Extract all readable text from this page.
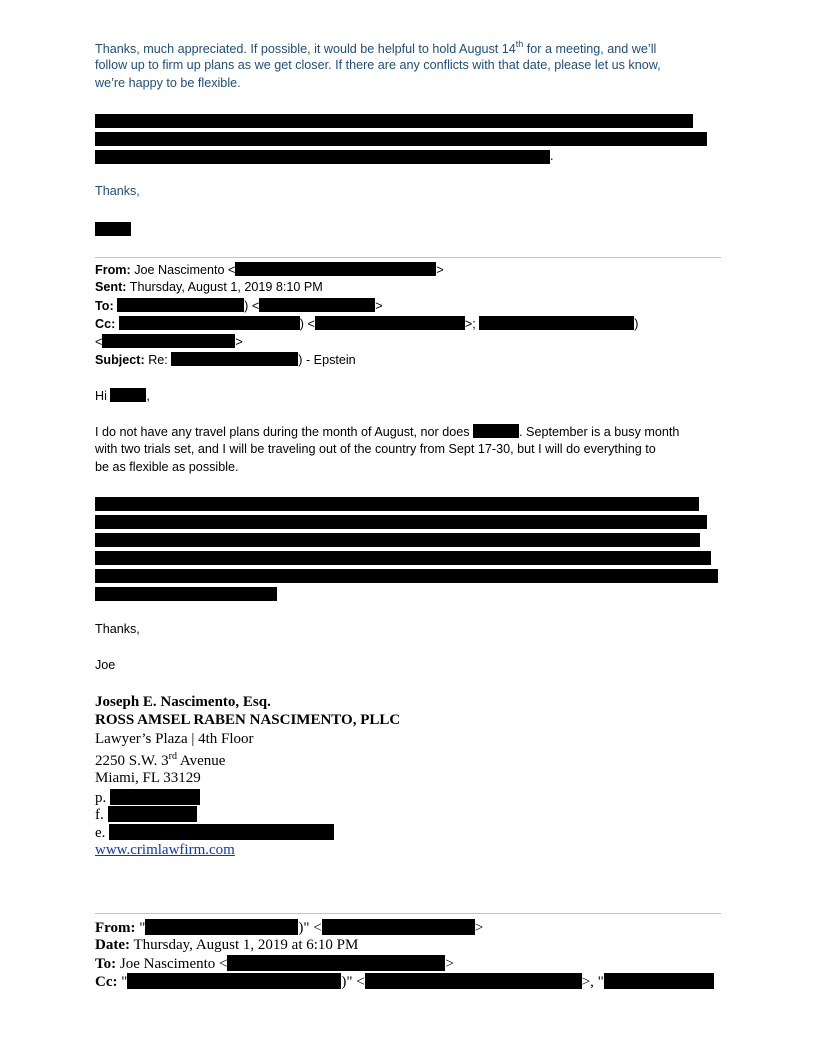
Thanks, much appreciated. If possible, it would be helpful to hold August 14th for a meeting, and we’ll
follow up to firm up plans as we get closer. If there are any conflicts with that date, please let us know,
we’re happy to be flexible.
.
Thanks,
From: Joe Nascimento <	>
Sent: Thursday, August 1, 2019 8:10 PM
To:	) <	>
Cc:	) <	>;	)
<	>
Subject: Re:	) - Epstein
Hi	,
I do not have any travel plans during the month of August, nor does	. September is a busy month
with two trials set, and I will be traveling out of the country from Sept 17-30, but I will do everything to
be as flexible as possible.
Thanks,
Joe
Joseph E. Nascimento, Esq.
ROSS AMSEL RABEN NASCIMENTO, PLLC
Lawyer’s Plaza | 4th Floor
2250 S.W. 3rd Avenue
Miami, FL 33129
p.
f.
e.
www.crimlawfirm.com
From: "	)" <	>
Date: Thursday, August 1, 2019 at 6:10 PM
To: Joe Nascimento <	>
Cc: "	)" <	>, "
